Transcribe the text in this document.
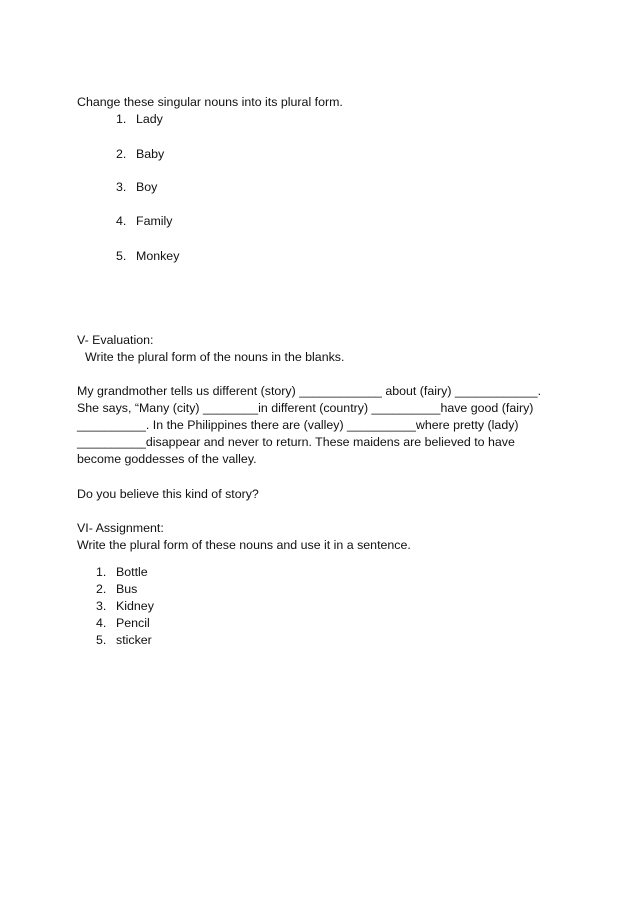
Change these singular nouns into its plural form.
1. Lady
2. Baby
3. Boy
4. Family
5. Monkey
V- Evaluation:
Write the plural form of the nouns in the blanks.
My grandmother tells us different (story) ____________ about (fairy) ____________.
She says, “Many (city) ________in different (country) __________have good (fairy)
__________. In the Philippines there are (valley) __________where pretty (lady)
__________disappear and never to return. These maidens are believed to have
become goddesses of the valley.
Do you believe this kind of story?
VI- Assignment:
Write the plural form of these nouns and use it in a sentence.
1. Bottle
2. Bus
3. Kidney
4. Pencil
5. sticker
